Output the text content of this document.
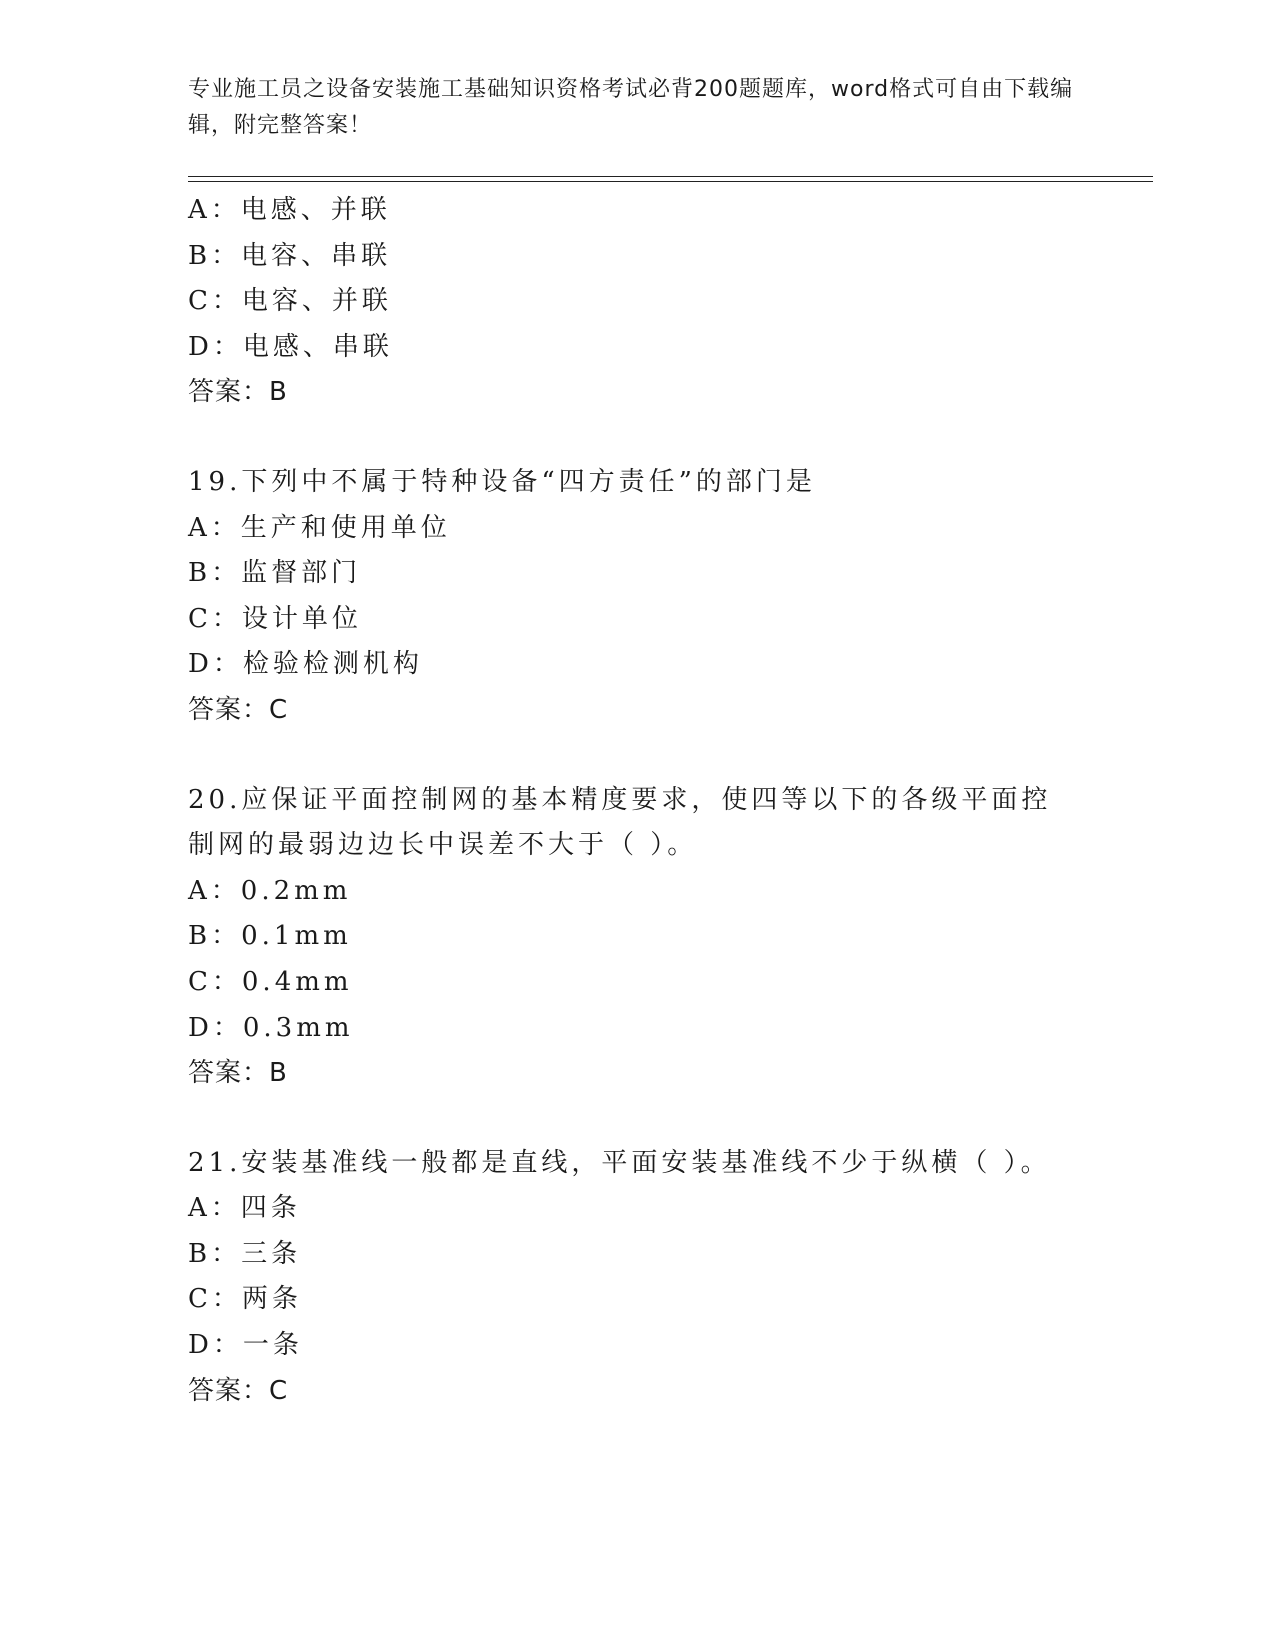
专业施工员之设备安装施工基础知识资格考试必背200题题库，word格式可自由下载编辑，附完整答案！
A：电感、并联
B：电容、串联
C：电容、并联
D：电感、串联
答案：B
19.下列中不属于特种设备“四方责任”的部门是
A：生产和使用单位
B：监督部门
C：设计单位
D：检验检测机构
答案：C
20.应保证平面控制网的基本精度要求，使四等以下的各级平面控制网的最弱边边长中误差不大于（ ）。
A：0.2mm
B：0.1mm
C：0.4mm
D：0.3mm
答案：B
21.安装基准线一般都是直线，平面安装基准线不少于纵横（ ）。
A：四条
B：三条
C：两条
D：一条
答案：C
